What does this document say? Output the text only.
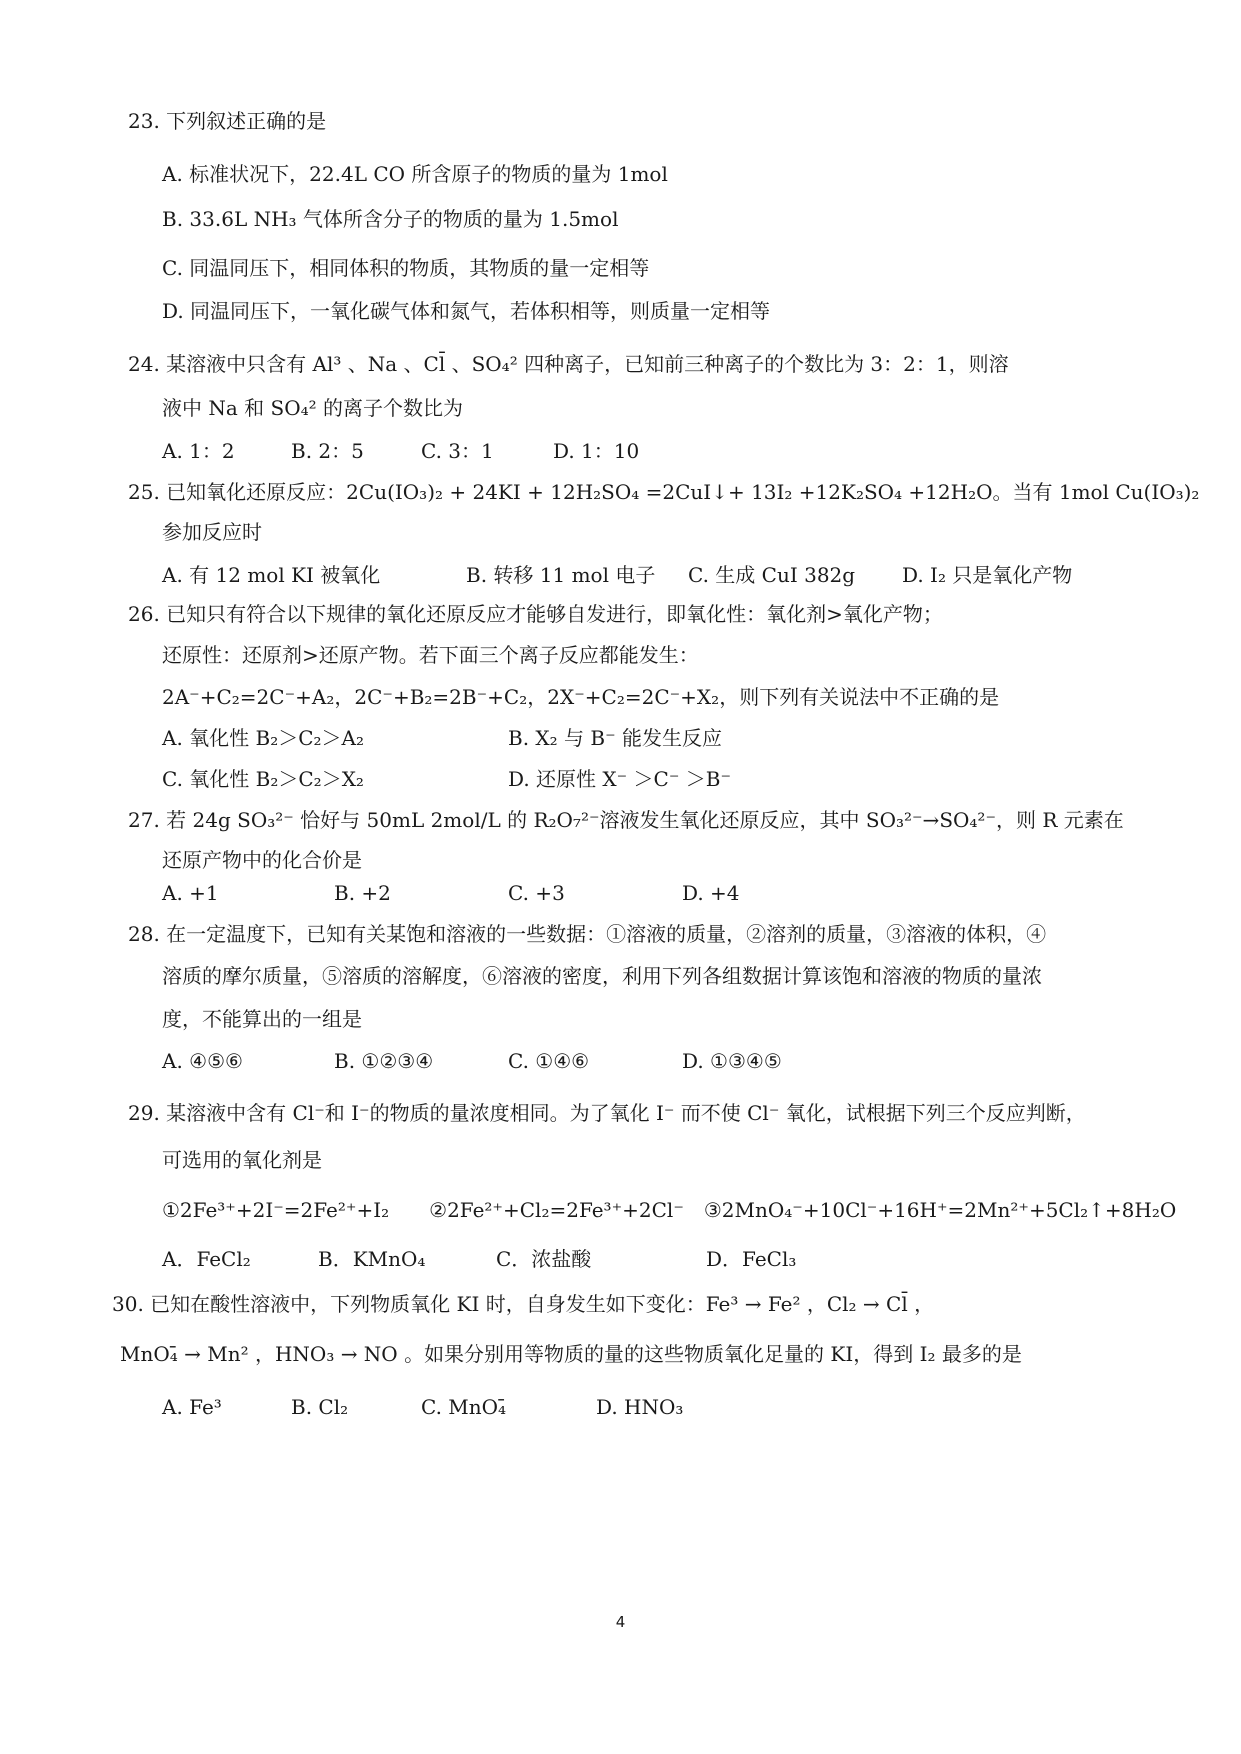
23. 下列叙述正确的是
A. 标准状况下，22.4L CO 所含原子的物质的量为 1mol
B. 33.6L NH₃ 气体所含分子的物质的量为 1.5mol
C. 同温同压下，相同体积的物质，其物质的量一定相等
D. 同温同压下，一氧化碳气体和氮气，若体积相等，则质量一定相等
24. 某溶液中只含有 Al³ 、Na 、Cl̄ 、SO₄² 四种离子，已知前三种离子的个数比为 3：2：1，则溶
液中 Na 和 SO₄² 的离子个数比为
A. 1：2	B. 2：5	C. 3：1	D. 1：10
25. 已知氧化还原反应：2Cu(IO₃)₂ + 24KI + 12H₂SO₄ =2CuI↓+ 13I₂ +12K₂SO₄ +12H₂O。当有 1mol Cu(IO₃)₂
参加反应时
A. 有 12 mol KI 被氧化	B. 转移 11 mol 电子 C. 生成 CuI 382g D. I₂ 只是氧化产物
26. 已知只有符合以下规律的氧化还原反应才能够自发进行，即氧化性：氧化剂>氧化产物；
还原性：还原剂>还原产物。若下面三个离子反应都能发生：
2A⁻+C₂=2C⁻+A₂，2C⁻+B₂=2B⁻+C₂，2X⁻+C₂=2C⁻+X₂，则下列有关说法中不正确的是
A. 氧化性 B₂＞C₂＞A₂	B. X₂ 与 B⁻ 能发生反应
C. 氧化性 B₂＞C₂＞X₂	D. 还原性 X⁻ ＞C⁻ ＞B⁻
27. 若 24g SO₃²⁻ 恰好与 50mL 2mol/L 的 R₂O₇²⁻溶液发生氧化还原反应，其中 SO₃²⁻→SO₄²⁻，则 R 元素在
还原产物中的化合价是
A. +1	B. +2	C. +3	D. +4
28. 在一定温度下，已知有关某饱和溶液的一些数据：①溶液的质量，②溶剂的质量，③溶液的体积，④
溶质的摩尔质量，⑤溶质的溶解度，⑥溶液的密度，利用下列各组数据计算该饱和溶液的物质的量浓
度，不能算出的一组是
A. ④⑤⑥	B. ①②③④	C. ①④⑥	D. ①③④⑤
29. 某溶液中含有 Cl⁻和 I⁻的物质的量浓度相同。为了氧化 I⁻ 而不使 Cl⁻ 氧化，试根据下列三个反应判断，
可选用的氧化剂是
①2Fe³⁺+2I⁻=2Fe²⁺+I₂　　②2Fe²⁺+Cl₂=2Fe³⁺+2Cl⁻　③2MnO₄⁻+10Cl⁻+16H⁺=2Mn²⁺+5Cl₂↑+8H₂O
A．FeCl₂	B．KMnO₄	C．浓盐酸	D．FeCl₃
30. 已知在酸性溶液中，下列物质氧化 KI 时，自身发生如下变化：Fe³ → Fe² ，Cl₂ → Cl̄ ，
MnO₄̄ → Mn² ，HNO₃ → NO 。如果分别用等物质的量的这些物质氧化足量的 KI，得到 I₂ 最多的是
A. Fe³	B. Cl₂	C. MnO₄̄	D. HNO₃
4
